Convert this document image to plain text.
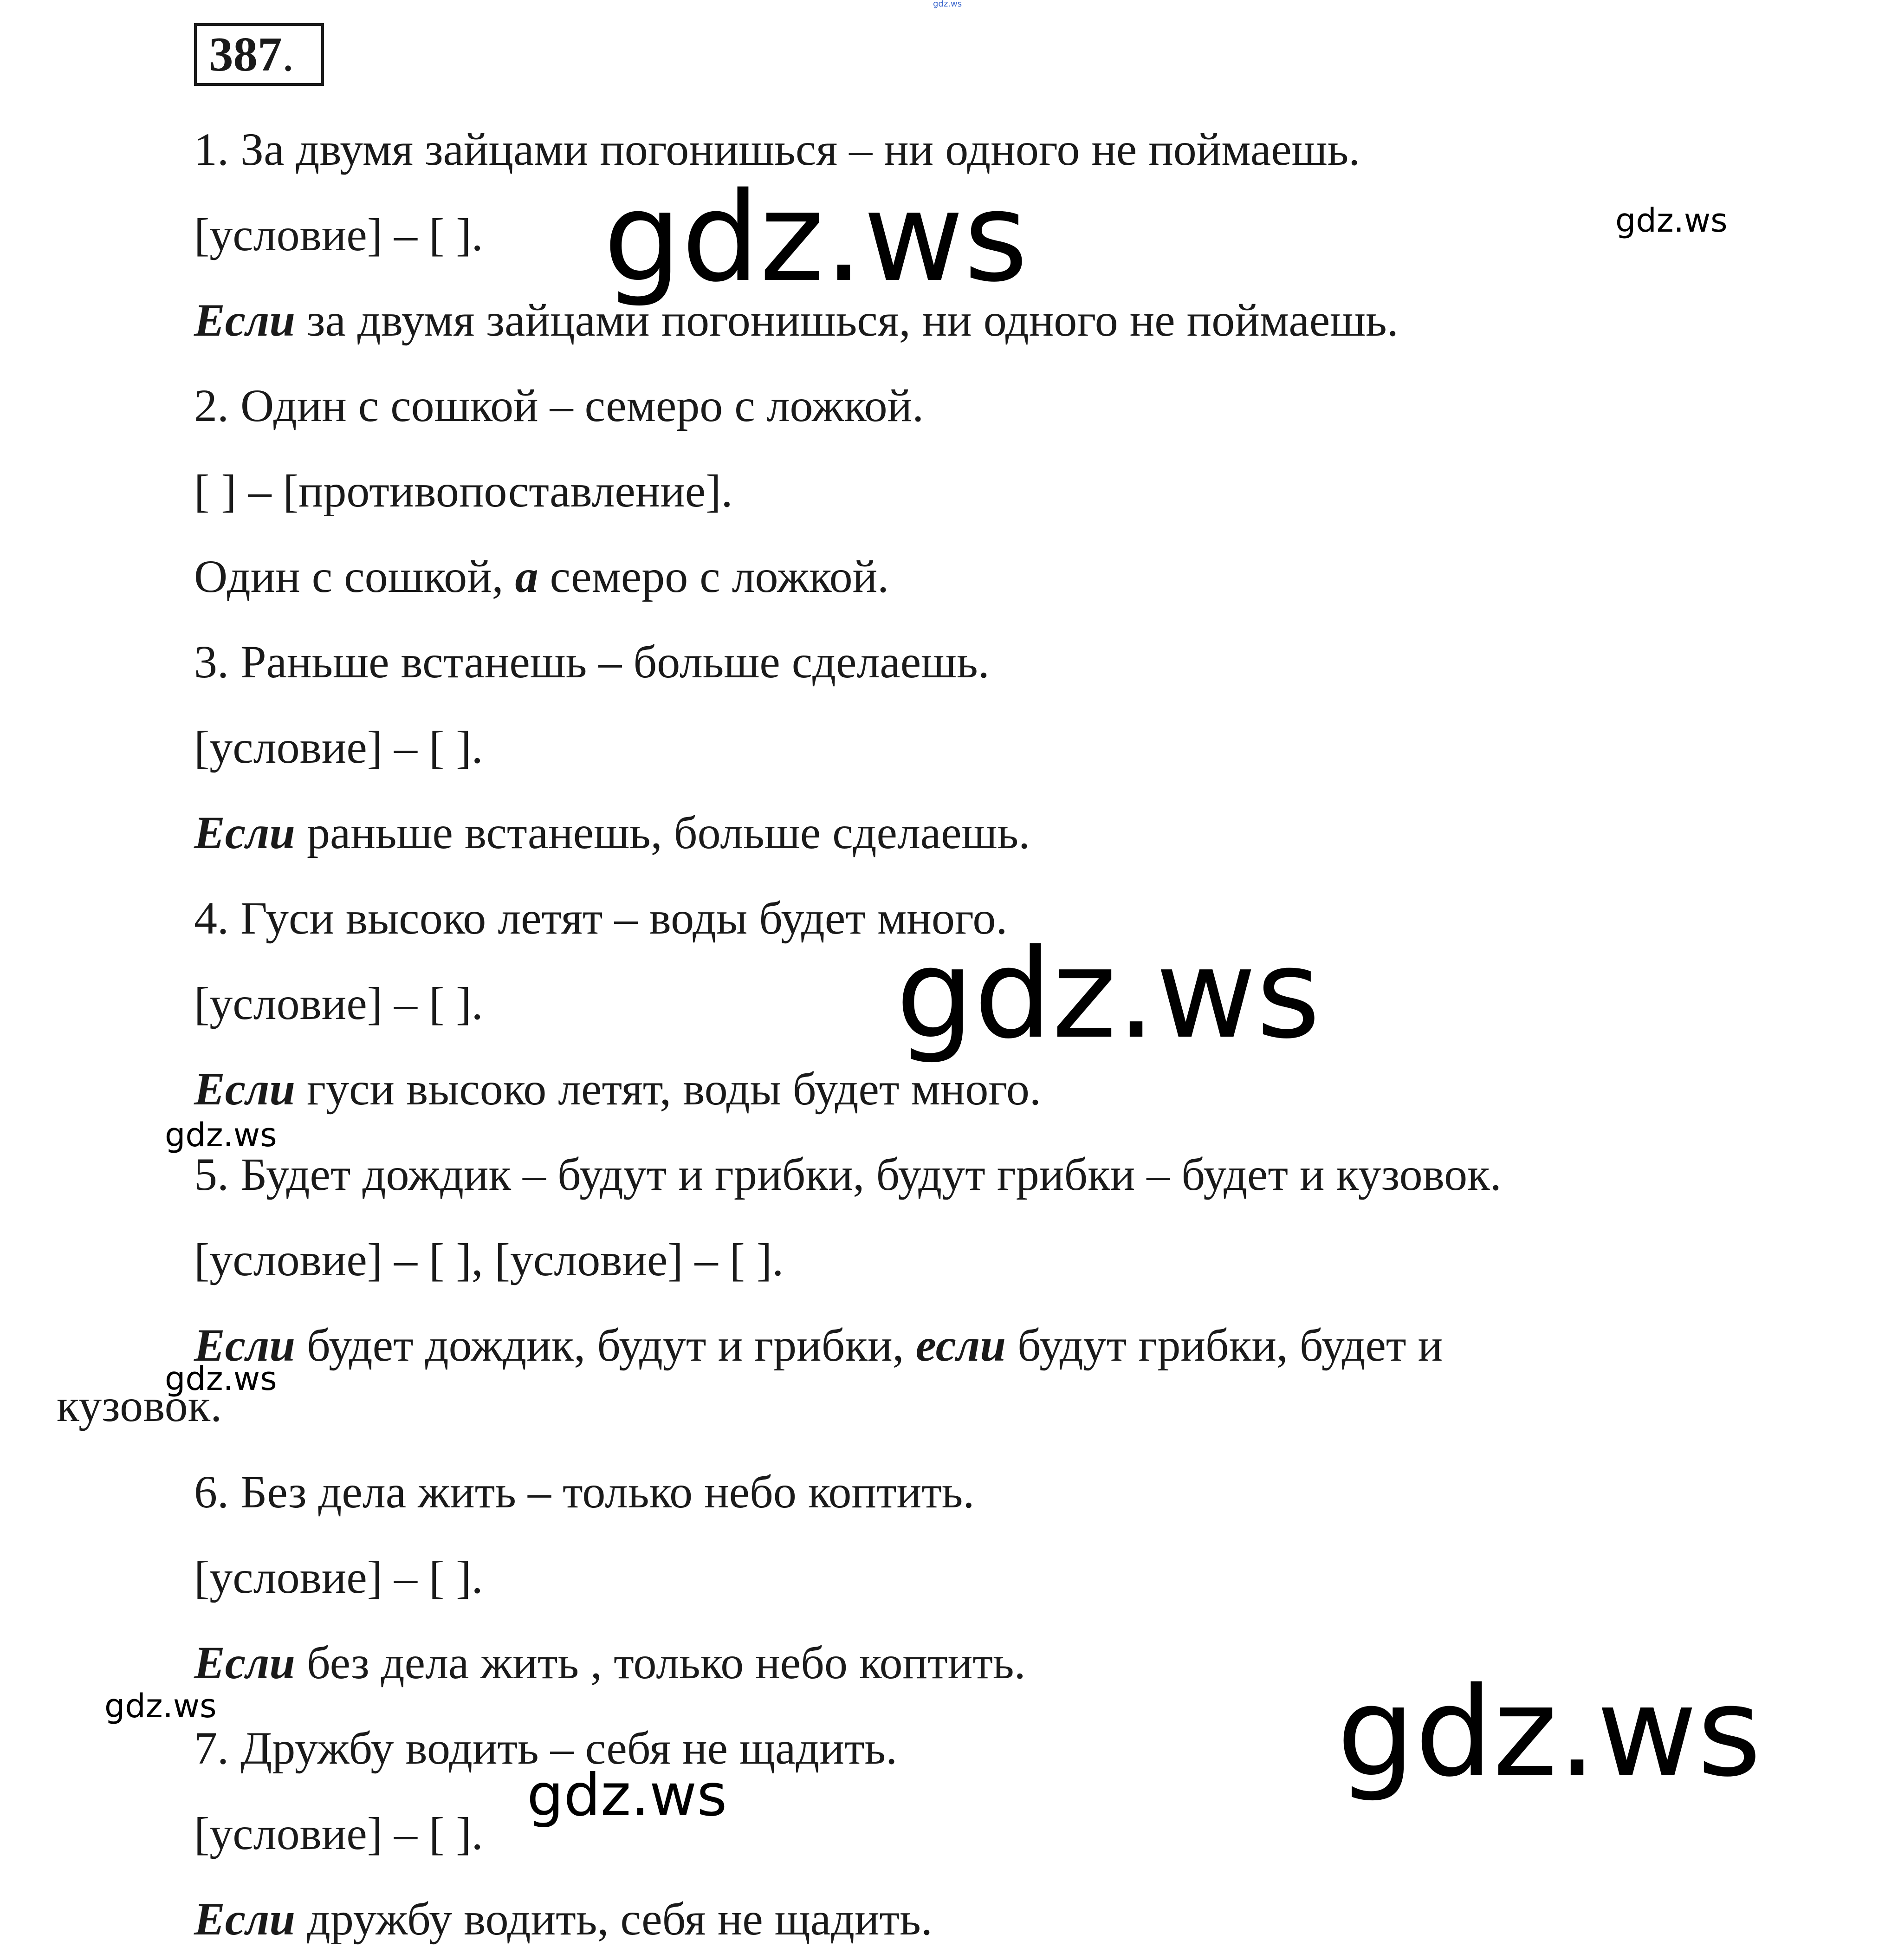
gdz.ws
387.
1. За двумя зайцами погонишься – ни одного не поймаешь.
[условие] – [ ].
Если за двумя зайцами погонишься, ни одного не поймаешь.
2. Один с сошкой – семеро с ложкой.
[ ] – [противопоставление].
Один с сошкой, а семеро с ложкой.
3. Раньше встанешь – больше сделаешь.
[условие] – [ ].
Если раньше встанешь, больше сделаешь.
4. Гуси высоко летят – воды будет много.
[условие] – [ ].
Если гуси высоко летят, воды будет много.
5. Будет дождик – будут и грибки, будут грибки – будет и кузовок.
[условие] – [ ], [условие] – [ ].
Если будет дождик, будут и грибки, если будут грибки, будет и
кузовок.
6. Без дела жить – только небо коптить.
[условие] – [ ].
Если без дела жить , только небо коптить.
7. Дружбу водить – себя не щадить.
[условие] – [ ].
Если дружбу водить, себя не щадить.
gdz.ws	gdz.ws
gdz.ws
gdz.ws
gdz.ws
gdz.ws	gdz.ws
gdz.ws
